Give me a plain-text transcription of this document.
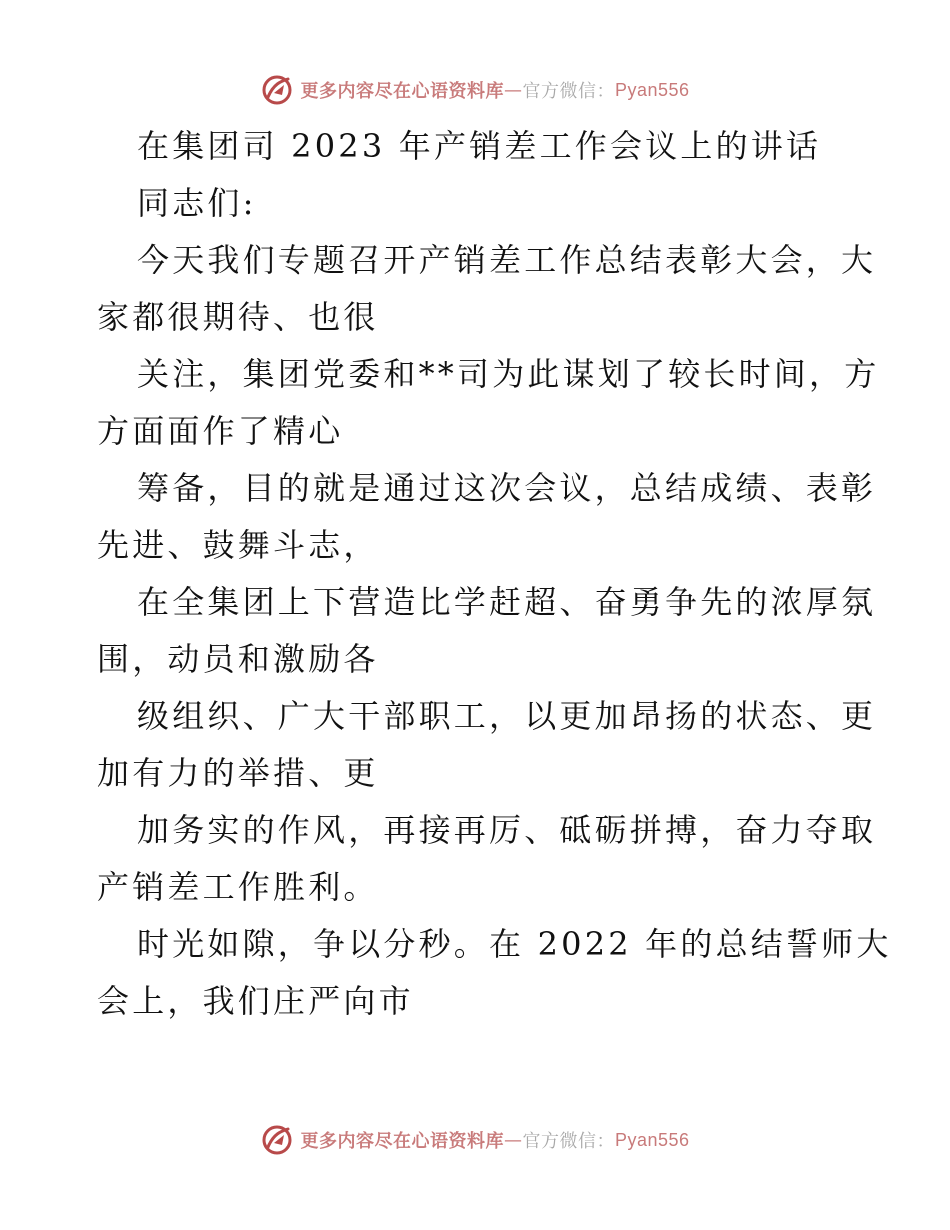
更多内容尽在心语资料库 — 官方微信： Pyan556
在集团司 2023 年产销差工作会议上的讲话
同志们:
今天我们专题召开产销差工作总结表彰大会，大
家都很期待、也很
关注，集团党委和**司为此谋划了较长时间，方
方面面作了精心
筹备，目的就是通过这次会议，总结成绩、表彰
先进、鼓舞斗志，
在全集团上下营造比学赶超、奋勇争先的浓厚氛
围，动员和激励各
级组织、广大干部职工，以更加昂扬的状态、更
加有力的举措、更
加务实的作风，再接再厉、砥砺拼搏，奋力夺取
产销差工作胜利。
时光如隙，争以分秒。在 2022 年的总结誓师大
会上，我们庄严向市
更多内容尽在心语资料库 — 官方微信： Pyan556
